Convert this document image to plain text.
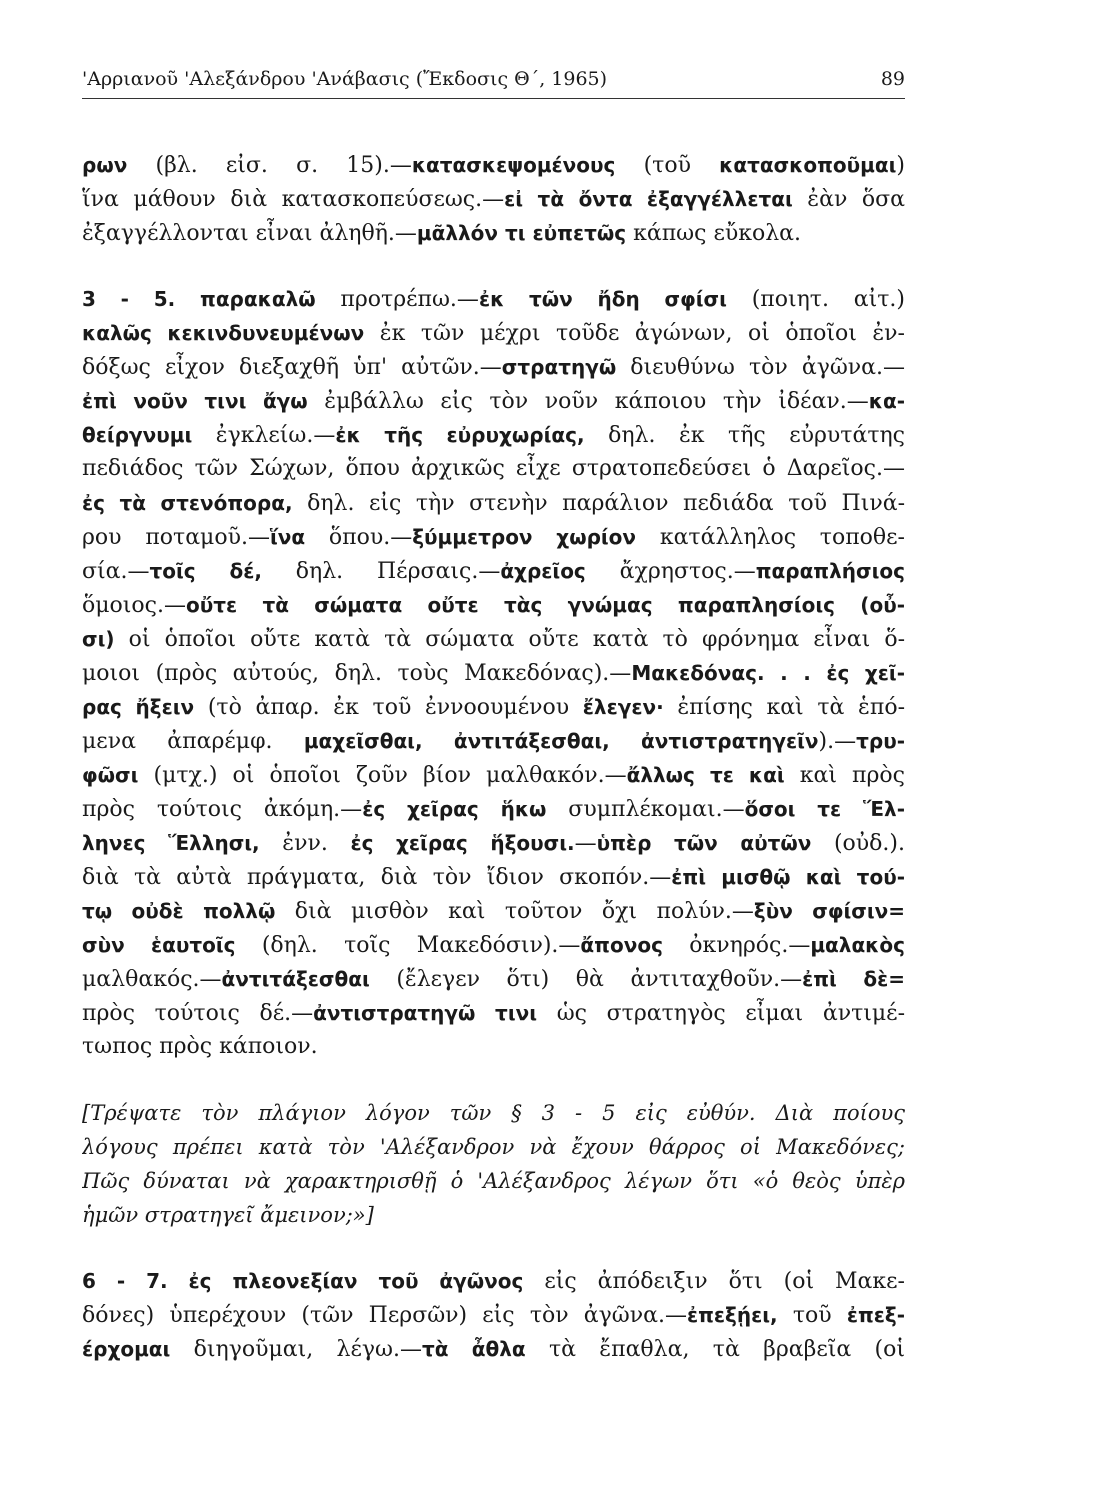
'Αρριανοῦ 'Αλεξάνδρου 'Ανάβασις (Ἔκδοσις Θ΄, 1965)	89
ρων (βλ. εἰσ. σ. 15).—κατασκεψομένους (τοῦ κατασκοποῦμαι)
ἵνα μάθουν διὰ κατασκοπεύσεως.—εἰ τὰ ὄντα ἐξαγγέλλεται ἐὰν ὅσα
ἐξαγγέλλονται εἶναι ἀληθῆ.—μᾶλλόν τι εὐπετῶς κάπως εὔκολα.
3 - 5. παρακαλῶ προτρέπω.—ἐκ τῶν ἤδη σφίσι (ποιητ. αἰτ.)
καλῶς κεκινδυνευμένων ἐκ τῶν μέχρι τοῦδε ἀγώνων, οἱ ὁποῖοι ἐν-
δόξως εἶχον διεξαχθῆ ὑπ' αὐτῶν.—στρατηγῶ διευθύνω τὸν ἀγῶνα.—
ἐπὶ νοῦν τινι ἄγω ἐμβάλλω εἰς τὸν νοῦν κάποιου τὴν ἰδέαν.—κα-
θείργνυμι ἐγκλείω.—ἐκ τῆς εὐρυχωρίας, δηλ. ἐκ τῆς εὐρυτάτης
πεδιάδος τῶν Σώχων, ὅπου ἀρχικῶς εἶχε στρατοπεδεύσει ὁ Δαρεῖος.—
ἐς τὰ στενόπορα, δηλ. εἰς τὴν στενὴν παράλιον πεδιάδα τοῦ Πινά-
ρου ποταμοῦ.—ἵνα ὅπου.—ξύμμετρον χωρίον κατάλληλος τοποθε-
σία.—τοῖς δέ, δηλ. Πέρσαις.—ἀχρεῖος ἄχρηστος.—παραπλήσιος
ὅμοιος.—οὔτε τὰ σώματα οὔτε τὰς γνώμας παραπλησίοις (οὖ-
σι) οἱ ὁποῖοι οὔτε κατὰ τὰ σώματα οὔτε κατὰ τὸ φρόνημα εἶναι ὅ-
μοιοι (πρὸς αὐτούς, δηλ. τοὺς Μακεδόνας).—Μακεδόνας. . . ἐς χεῖ-
ρας ἤξειν (τὸ ἀπαρ. ἐκ τοῦ ἐννοουμένου ἔλεγεν· ἐπίσης καὶ τὰ ἑπό-
μενα ἀπαρέμφ. μαχεῖσθαι, ἀντιτάξεσθαι, ἀντιστρατηγεῖν).—τρυ-
φῶσι (μτχ.) οἱ ὁποῖοι ζοῦν βίον μαλθακόν.—ἄλλως τε καὶ καὶ πρὸς
πρὸς τούτοις ἀκόμη.—ἐς χεῖρας ἥκω συμπλέκομαι.—ὅσοι τε Ἕλ-
ληνες Ἕλλησι, ἐνν. ἐς χεῖρας ἥξουσι.—ὑπὲρ τῶν αὐτῶν (οὐδ.).
διὰ τὰ αὐτὰ πράγματα, διὰ τὸν ἴδιον σκοπόν.—ἐπὶ μισθῷ καὶ τού-
τῳ οὐδὲ πολλῷ διὰ μισθὸν καὶ τοῦτον ὄχι πολύν.—ξὺν σφίσιν=
σὺν ἑαυτοῖς (δηλ. τοῖς Μακεδόσιν).—ἄπονος ὀκνηρός.—μαλακὸς
μαλθακός.—ἀντιτάξεσθαι (ἔλεγεν ὅτι) θὰ ἀντιταχθοῦν.—ἐπὶ δὲ=
πρὸς τούτοις δέ.—ἀντιστρατηγῶ τινι ὡς στρατηγὸς εἶμαι ἀντιμέ-
τωπος πρὸς κάποιον.
[Τρέψατε τὸν πλάγιον λόγον τῶν § 3 - 5 εἰς εὐθύν. Διὰ ποίους
λόγους πρέπει κατὰ τὸν 'Αλέξανδρον νὰ ἔχουν θάρρος οἱ Μακεδόνες;
Πῶς δύναται νὰ χαρακτηρισθῇ ὁ 'Αλέξανδρος λέγων ὅτι «ὁ θεὸς ὑπὲρ
ἡμῶν στρατηγεῖ ἄμεινον;»]
6 - 7. ἐς πλεονεξίαν τοῦ ἀγῶνος εἰς ἀπόδειξιν ὅτι (οἱ Μακε-
δόνες) ὑπερέχουν (τῶν Περσῶν) εἰς τὸν ἀγῶνα.—ἐπεξῄει, τοῦ ἐπεξ-
έρχομαι διηγοῦμαι, λέγω.—τὰ ἆθλα τὰ ἔπαθλα, τὰ βραβεῖα (οἱ
